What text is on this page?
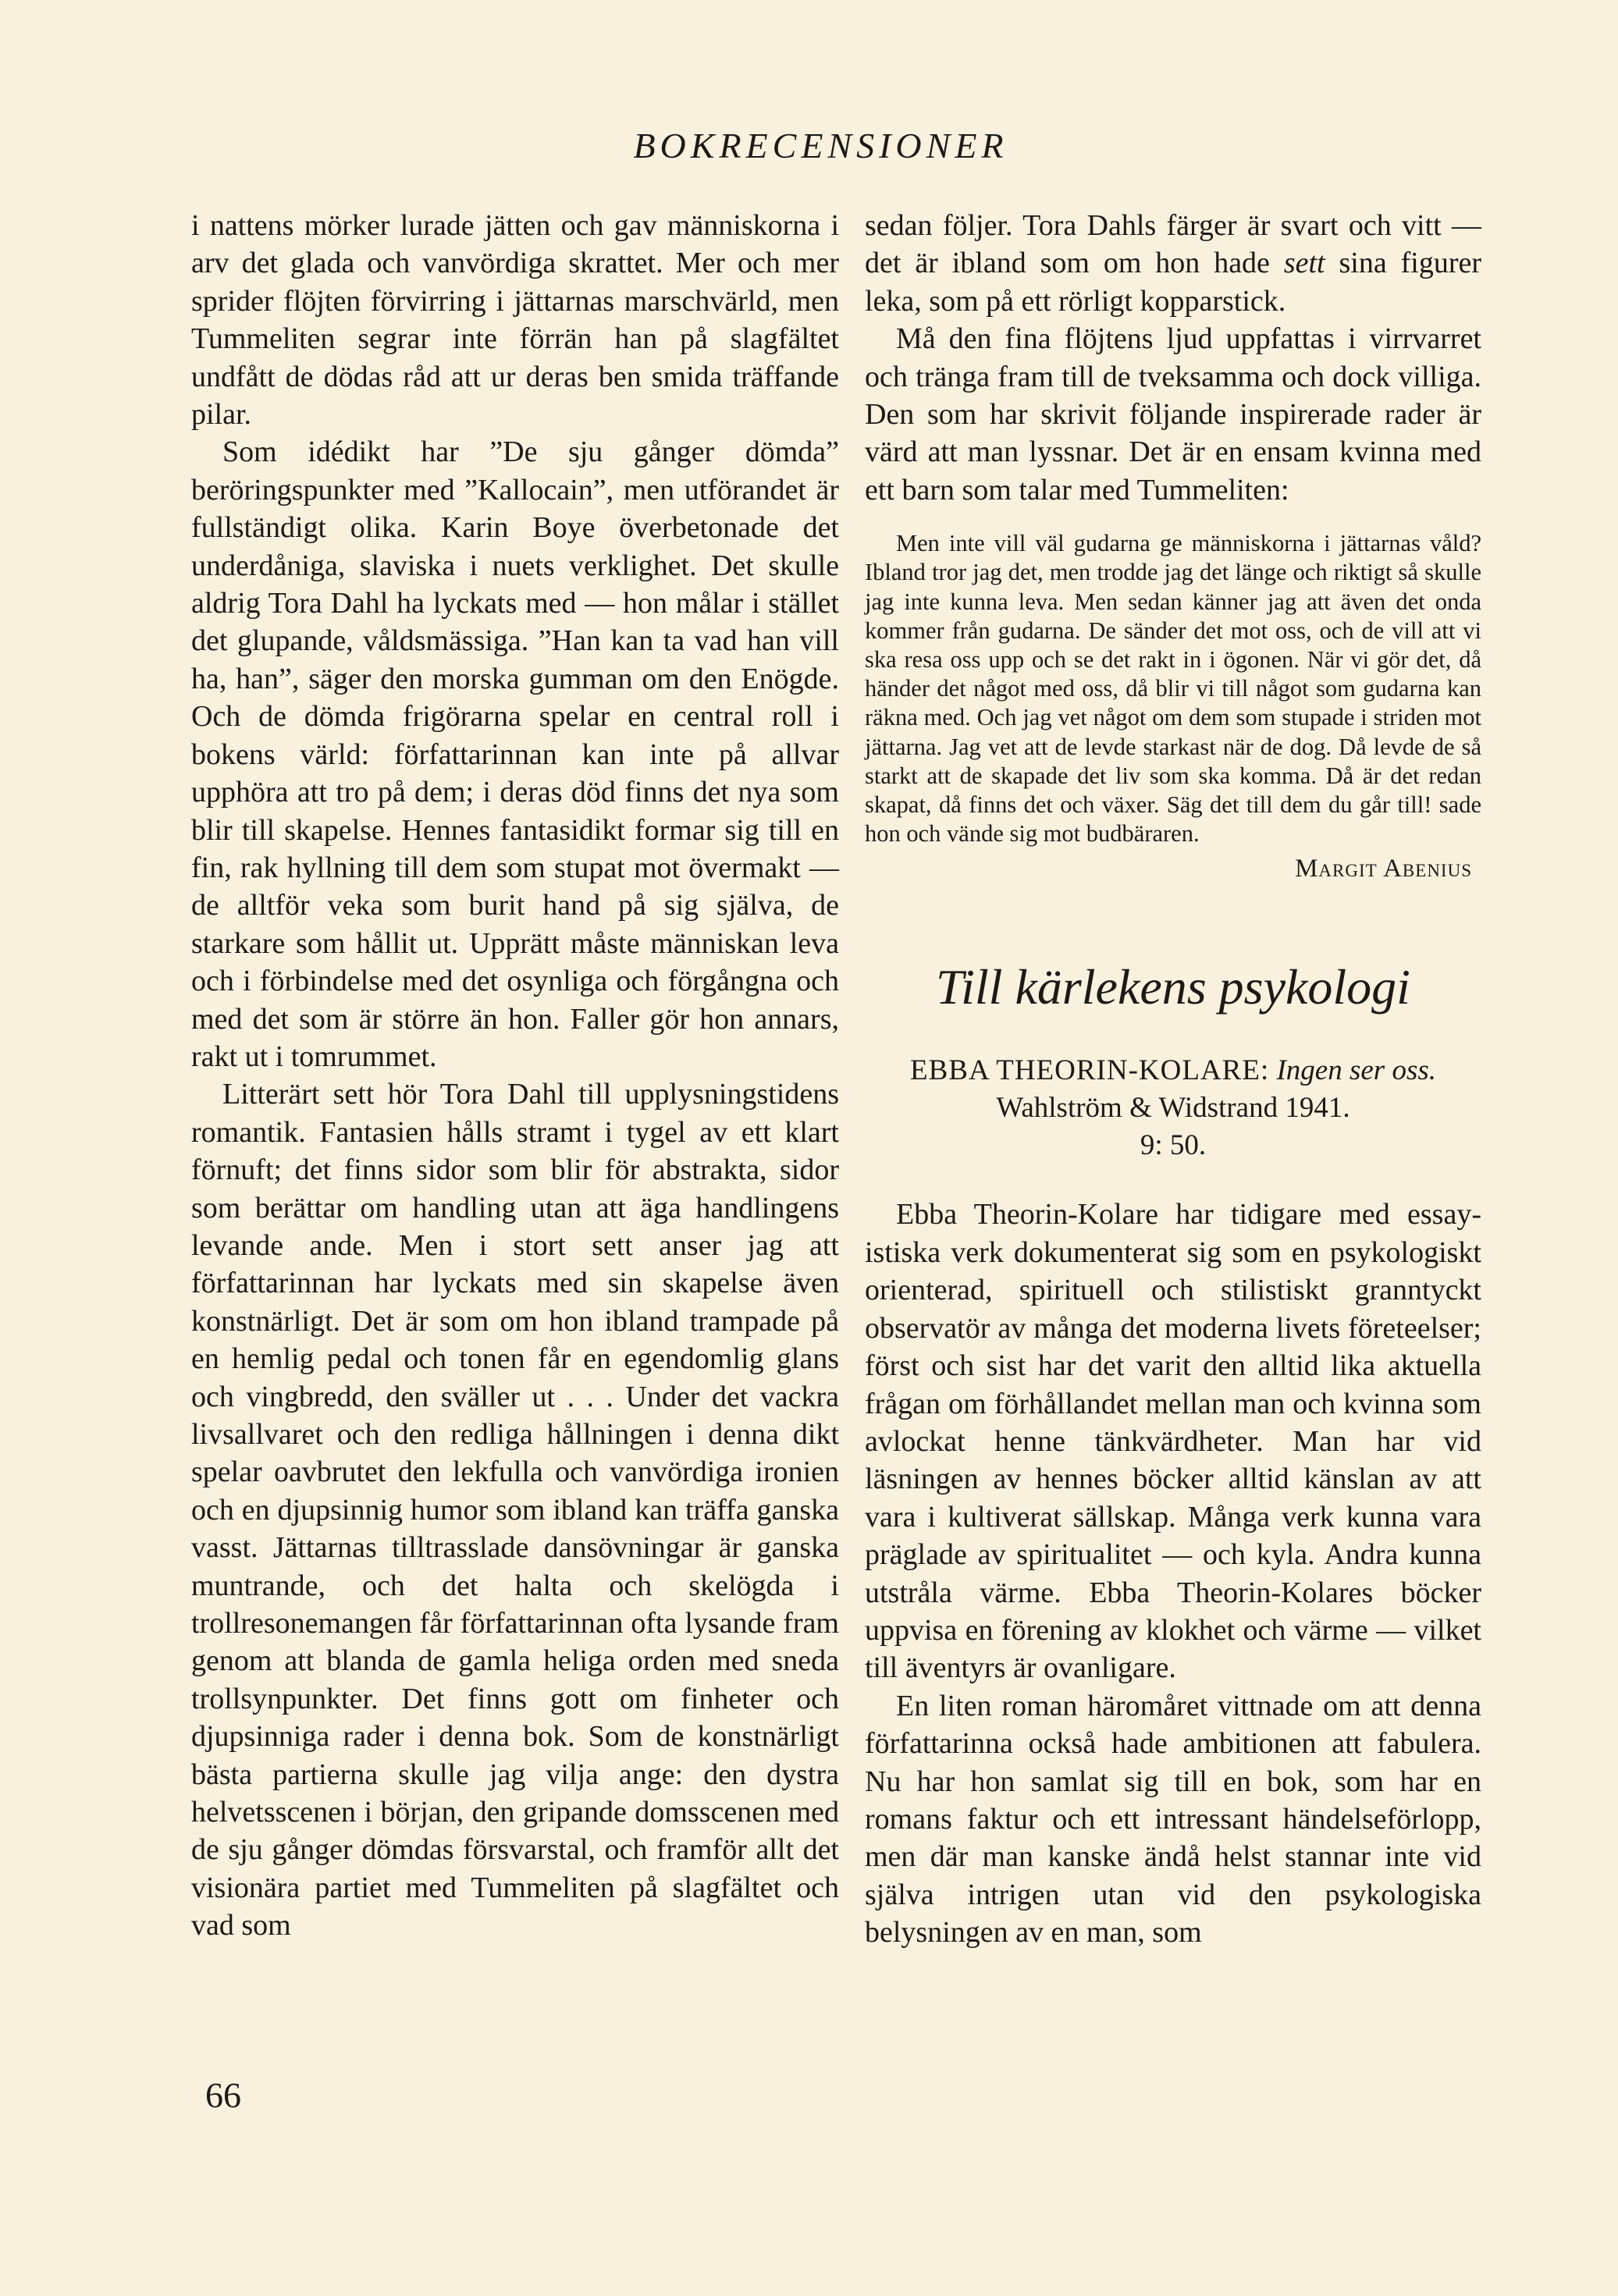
BOKRECENSIONER

i nattens mörker lurade jätten och gav människorna i arv det glada och vanvördiga skrattet. Mer och mer sprider flöjten förvirring i jättarnas marschvärld, men Tummeliten segrar inte förrän han på slagfältet undfått de dödas råd att ur deras ben smida träffande pilar.

Som idédikt har ”De sju gånger dömda” beröringspunkter med ”Kallocain”, men utförandet är fullständigt olika. Karin Boye överbetonade det underdåniga, slaviska i nuets verklighet. Det skulle aldrig Tora Dahl ha lyckats med — hon målar i stället det glupande, våldsmässiga. ”Han kan ta vad han vill ha, han”, säger den morska gumman om den Enögde. Och de dömda frigörarna spelar en central roll i bokens värld: författarinnan kan inte på allvar upphöra att tro på dem; i deras död finns det nya som blir till skapelse. Hennes fantasidikt formar sig till en fin, rak hyllning till dem som stupat mot övermakt — de alltför veka som burit hand på sig själva, de starkare som hållit ut. Upprätt måste människan leva och i förbindelse med det osynliga och förgångna och med det som är större än hon. Faller gör hon annars, rakt ut i tomrummet.

Litterärt sett hör Tora Dahl till upplysningstidens romantik. Fantasien hålls stramt i tygel av ett klart förnuft; det finns sidor som blir för abstrakta, sidor som berättar om handling utan att äga handlingens levande ande. Men i stort sett anser jag att författarinnan har lyckats med sin skapelse även konstnärligt. Det är som om hon ibland trampade på en hemlig pedal och tonen får en egendomlig glans och vingbredd, den sväller ut . . . Under det vackra livsallvaret och den redliga hållningen i denna dikt spelar oavbrutet den lekfulla och vanvördiga ironien och en djupsinnig humor som ibland kan träffa ganska vasst. Jättarnas tilltrasslade dansövningar är ganska muntrande, och det halta och skelögda i trollresonemangen får författarinnan ofta lysande fram genom att blanda de gamla heliga orden med sneda trollsynpunkter. Det finns gott om finheter och djupsinniga rader i denna bok. Som de konstnärligt bästa partierna skulle jag vilja ange: den dystra helvetsscenen i början, den gripande domsscenen med de sju gånger dömdas försvarstal, och framför allt det visionära partiet med Tummeliten på slagfältet och vad som

sedan följer. Tora Dahls färger är svart och vitt — det är ibland som om hon hade sett sina figurer leka, som på ett rörligt kopparstick.

Må den fina flöjtens ljud uppfattas i virrvarret och tränga fram till de tveksamma och dock villiga. Den som har skrivit följande inspirerade rader är värd att man lyssnar. Det är en ensam kvinna med ett barn som talar med Tummeliten:

Men inte vill väl gudarna ge människorna i jättarnas våld? Ibland tror jag det, men trodde jag det länge och riktigt så skulle jag inte kunna leva. Men sedan känner jag att även det onda kommer från gudarna. De sänder det mot oss, och de vill att vi ska resa oss upp och se det rakt in i ögonen. När vi gör det, då händer det något med oss, då blir vi till något som gudarna kan räkna med. Och jag vet något om dem som stupade i striden mot jättarna. Jag vet att de levde starkast när de dog. Då levde de så starkt att de skapade det liv som ska komma. Då är det redan skapat, då finns det och växer. Säg det till dem du går till! sade hon och vände sig mot budbäraren.

Margit Abenius
Till kärlekens psykologi
EBBA THEORIN-KOLARE: Ingen ser oss.
Wahlström & Widstrand 1941.
9: 50.

Ebba Theorin-Kolare har tidigare med essayistiska verk dokumenterat sig som en psykologiskt orienterad, spirituell och stilistiskt granntyckt observatör av många det moderna livets företeelser; först och sist har det varit den alltid lika aktuella frågan om förhållandet mellan man och kvinna som avlockat henne tänkvärdheter. Man har vid läsningen av hennes böcker alltid känslan av att vara i kultiverat sällskap. Många verk kunna vara präglade av spiritualitet — och kyla. Andra kunna utstråla värme. Ebba Theorin-Kolares böcker uppvisa en förening av klokhet och värme — vilket till äventyrs är ovanligare.

En liten roman häromåret vittnade om att denna författarinna också hade ambitionen att fabulera. Nu har hon samlat sig till en bok, som har en romans faktur och ett intressant händelseförlopp, men där man kanske ändå helst stannar inte vid själva intrigen utan vid den psykologiska belysningen av en man, som

66
